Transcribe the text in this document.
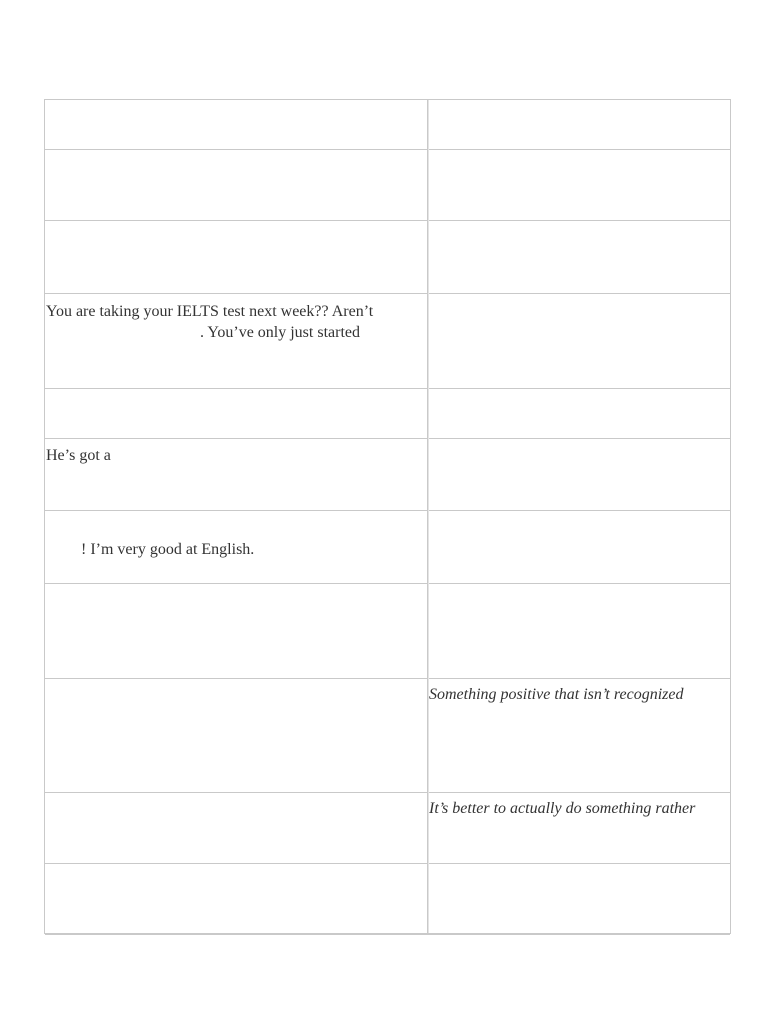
You are taking your IELTS test next week?? Aren’t
. You’ve only just started
He’s got a
! I’m very good at English.
Something positive that isn’t recognized
It’s better to actually do something rather
